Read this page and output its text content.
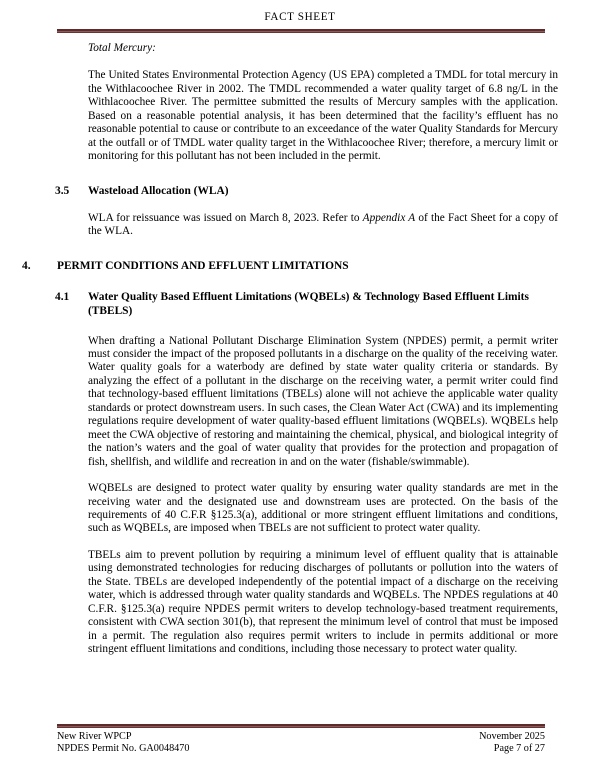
FACT SHEET
Total Mercury:

The United States Environmental Protection Agency (US EPA) completed a TMDL for total mercury in the Withlacoochee River in 2002. The TMDL recommended a water quality target of 6.8 ng/L in the Withlacoochee River. The permittee submitted the results of Mercury samples with the application. Based on a reasonable potential analysis, it has been determined that the facility’s effluent has no reasonable potential to cause or contribute to an exceedance of the water Quality Standards for Mercury at the outfall or of TMDL water quality target in the Withlacoochee River; therefore, a mercury limit or monitoring for this pollutant has not been included in the permit.

3.5	Wasteload Allocation (WLA)

WLA for reissuance was issued on March 8, 2023. Refer to Appendix A of the Fact Sheet for a copy of the WLA.

4.	PERMIT CONDITIONS AND EFFLUENT LIMITATIONS
4.1	Water Quality Based Effluent Limitations (WQBELs) & Technology Based Effluent Limits (TBELS)

When drafting a National Pollutant Discharge Elimination System (NPDES) permit, a permit writer must consider the impact of the proposed pollutants in a discharge on the quality of the receiving water. Water quality goals for a waterbody are defined by state water quality criteria or standards. By analyzing the effect of a pollutant in the discharge on the receiving water, a permit writer could find that technology-based effluent limitations (TBELs) alone will not achieve the applicable water quality standards or protect downstream users. In such cases, the Clean Water Act (CWA) and its implementing regulations require development of water quality-based effluent limitations (WQBELs). WQBELs help meet the CWA objective of restoring and maintaining the chemical, physical, and biological integrity of the nation’s waters and the goal of water quality that provides for the protection and propagation of fish, shellfish, and wildlife and recreation in and on the water (fishable/swimmable).

WQBELs are designed to protect water quality by ensuring water quality standards are met in the receiving water and the designated use and downstream uses are protected. On the basis of the requirements of 40 C.F.R §125.3(a), additional or more stringent effluent limitations and conditions, such as WQBELs, are imposed when TBELs are not sufficient to protect water quality.

TBELs aim to prevent pollution by requiring a minimum level of effluent quality that is attainable using demonstrated technologies for reducing discharges of pollutants or pollution into the waters of the State. TBELs are developed independently of the potential impact of a discharge on the receiving water, which is addressed through water quality standards and WQBELs. The NPDES regulations at 40 C.F.R. §125.3(a) require NPDES permit writers to develop technology-based treatment requirements, consistent with CWA section 301(b), that represent the minimum level of control that must be imposed in a permit. The regulation also requires permit writers to include in permits additional or more stringent effluent limitations and conditions, including those necessary to protect water quality.

New River WPCP
NPDES Permit No. GA0048470
November 2025
Page 7 of 27
